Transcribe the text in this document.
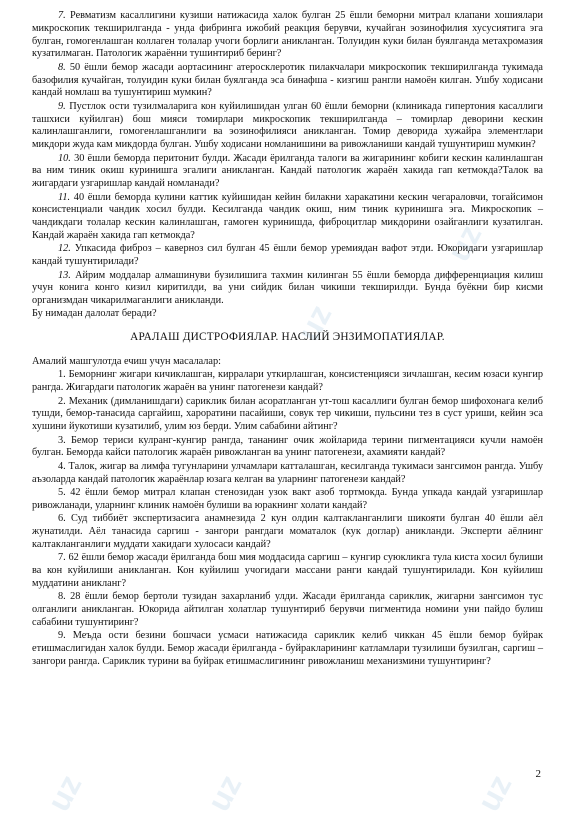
uz	uz
uz
uz
uz

7. Ревматизм касаллигини кузиши натижасида халок булган 25 ёшли беморни митрал клапани хошиялари микроскопик текширилганда - унда фибринга ижобий реакция берувчи, кучайган эозинофилия хусусиятига эга булган, гомогенлашган коллаген толалар учоги борлиги аникланган. Толуидин куки билан буялганда метахромазия кузатилмаган. Патологик жараённи тушинтириб беринг?

8. 50 ёшли бемор жасади аортасининг атеросклеротик пилакчалари микроскопик текширилганда тукимада базофилия кучайган, толуидин куки билан буялганда эса бинафша - кизгиш рангли намоён килган. Ушбу ходисани кандай номлаш ва тушунтириш мумкин?

9. Пустлок ости тузилмаларига кон куйилишидан улган 60 ёшли беморни (клиникада гипертония касаллиги ташхиси куйилган) бош мияси томирлари микроскопик текширилганда – томирлар деворини кескин калинлашганлиги, гомогенлашганлиги ва эозинофилияси аникланган. Томир деворида хужайра элементлари микдори жуда кам микдорда булган. Ушбу ходисани номланишини ва ривожланиши кандай тушунтириш мумкин?

10. 30 ёшли беморда перитонит булди. Жасади ёрилганда талоги ва жигарининг кобиги кескин калинлашган ва ним тиник окиш куринишга эгалиги аникланган. Кандай патологик жараён хакида гап кетмокда?Талок ва жигардаги узгаришлар кандай номланади?

11. 40 ёшли беморда кулини каттик куйишидан кейин билакни харакатини кескин чегараловчи, тогайсимон консистенциали чандик хосил булди. Кесилганда чандик окиш, ним тиник куринишга эга. Микроскопик – чандикдаги толалар кескин калинлашган, гамоген куринишда, фиброцитлар микдорини озайганлиги кузатилган. Кандай жараён хакида гап кетмокда?

12. Упкасида фиброз – каверноз сил булган 45 ёшли бемор уремиядан вафот этди. Юкоридаги узгаришлар кандай тушунтирилади?

13. Айрим моддалар алмашинуви бузилишига тахмин килинган 55 ёшли беморда дифференциация килиш учун конига конго кизил киритилди, ва уни сийдик билан чикиши текширилди. Бунда буёкни бир кисми организмдан чикарилмаганлиги аникланди.

Бу нимадан далолат беради?

АРАЛАШ ДИСТРОФИЯЛАР. НАСЛИЙ ЭНЗИМОПАТИЯЛАР.

Амалий машгулотда ечиш учун масалалар:

1. Беморнинг жигари кичиклашган, кирралари уткирлашган, консистенцияси зичлашган, кесим юзаси кунгир рангда. Жигардаги патологик жараён ва унинг патогенези кандай?

2. Механик (димланишдаги) сариклик билан асоратланган ут-тош касаллиги булган бемор шифохонага келиб тушди, бемор-танасида саргайиш, хароратини пасайиши, совук тер чикиши, пульсини тез в суст уриши, кейин эса хушини йукотиши кузатилиб, улим юз берди. Улим сабабини айтинг?

3. Бемор териси кулранг-кунгир рангда, тананинг очик жойларида терини пигментацияси кучли намоён булган. Беморда кайси патологик жараён ривожланган ва унинг патогенези, ахамияти кандай?

4. Талок, жигар ва лимфа тугунларини улчамлари катталашган, кесилганда тукимаси зангсимон рангда. Ушбу аъзоларда кандай патологик жараёнлар юзага келган ва уларнинг патогенези кандай?

5. 42 ёшли бемор митрал клапан стенозидан узок вакт азоб тортмокда. Бунда упкада кандай узгаришлар ривожланади, уларнинг клиник намоён булиши ва юракнинг холати кандай?

6. Суд тиббиёт экспертизасига анамнезида 2 кун олдин калтакланганлиги шикояти булган 40 ёшли аёл жунатилди. Аёл танасида саргиш - зангори рангдаги моматалок (кук доглар) аникланди. Эксперти аёлнинг калтакланганлиги муддати хакидаги хулосаси кандай?

7. 62 ёшли бемор жасади ёрилганда бош мия моддасида саргиш – кунгир суюкликга тула киста хосил булиши ва кон куйилиши аникланган. Кон куйилиш учогидаги массани ранги кандай тушунтирилади. Кон куйилиш муддатини аникланг?

8. 28 ёшли бемор бертоли тузидан захарланиб улди. Жасади ёрилганда сариклик, жигарни зангсимон тус олганлиги аникланган. Юкорида айтилган холатлар тушунтириб берувчи пигментида номини уни пайдо булиш сабабини тушунтиринг?

9. Меъда ости безини бошчаси усмаси натижасида сариклик келиб чиккан 45 ёшли бемор буйрак етишмаслигидан халок булди. Бемор жасади ёрилганда - буйракларининг катламлари тузилиши бузилган, саргиш – зангори рангда. Сариклик турини ва буйрак етишмаслигининг ривожланиш механизмини тушунтиринг?

2
